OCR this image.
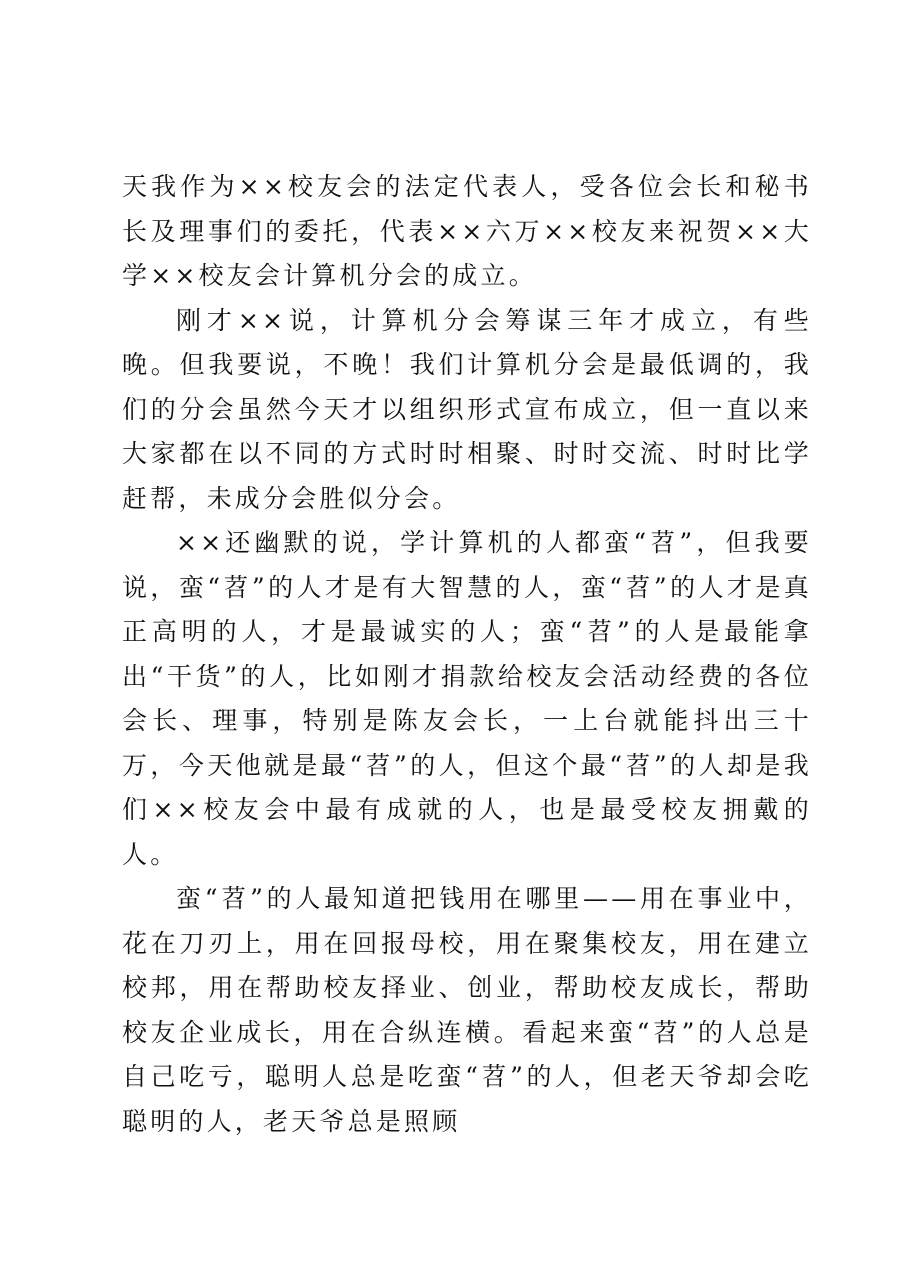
天我作为××校友会的法定代表人，受各位会长和秘书长及理事们的委托，代表××六万××校友来祝贺××大学××校友会计算机分会的成立。

刚才××说，计算机分会筹谋三年才成立，有些晚。但我要说，不晚！我们计算机分会是最低调的，我们的分会虽然今天才以组织形式宣布成立，但一直以来大家都在以不同的方式时时相聚、时时交流、时时比学赶帮，未成分会胜似分会。

××还幽默的说，学计算机的人都蛮“苕”，但我要说，蛮“苕”的人才是有大智慧的人，蛮“苕”的人才是真正高明的人，才是最诚实的人；蛮“苕”的人是最能拿出“干货”的人，比如刚才捐款给校友会活动经费的各位会长、理事，特别是陈友会长，一上台就能抖出三十万，今天他就是最“苕”的人，但这个最“苕”的人却是我们××校友会中最有成就的人，也是最受校友拥戴的人。

蛮“苕”的人最知道把钱用在哪里——用在事业中，花在刀刃上，用在回报母校，用在聚集校友，用在建立校邦，用在帮助校友择业、创业，帮助校友成长，帮助校友企业成长，用在合纵连横。看起来蛮“苕”的人总是自己吃亏，聪明人总是吃蛮“苕”的人，但老天爷却会吃聪明的人，老天爷总是照顾
